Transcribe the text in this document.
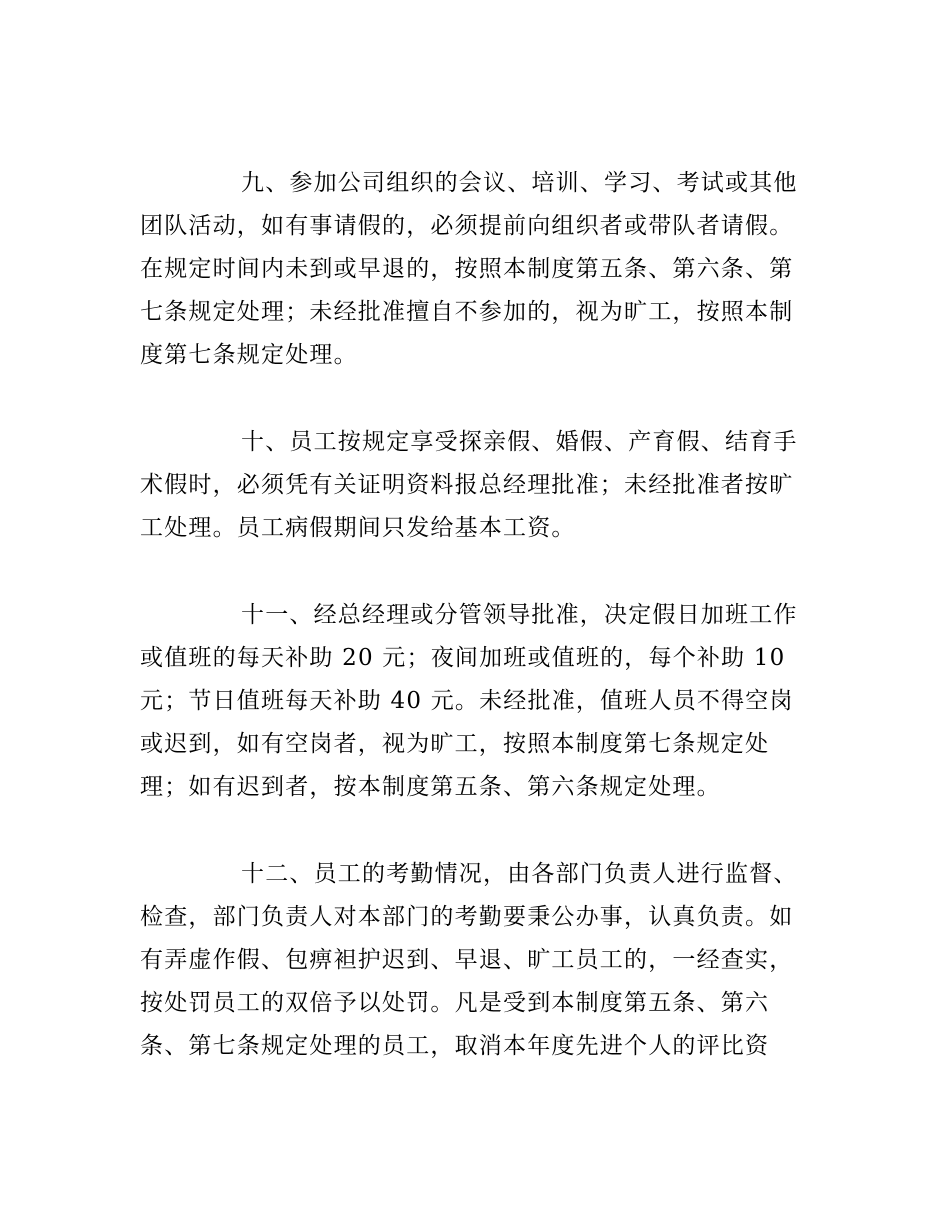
九、参加公司组织的会议、培训、学习、考试或其他
团队活动，如有事请假的，必须提前向组织者或带队者请假。
在规定时间内未到或早退的，按照本制度第五条、第六条、第
七条规定处理；未经批准擅自不参加的，视为旷工，按照本制
度第七条规定处理。
十、员工按规定享受探亲假、婚假、产育假、结育手
术假时，必须凭有关证明资料报总经理批准；未经批准者按旷
工处理。员工病假期间只发给基本工资。
十一、经总经理或分管领导批准，决定假日加班工作
或值班的每天补助 20 元；夜间加班或值班的，每个补助 10
元；节日值班每天补助 40 元。未经批准，值班人员不得空岗
或迟到，如有空岗者，视为旷工，按照本制度第七条规定处
理；如有迟到者，按本制度第五条、第六条规定处理。
十二、员工的考勤情况，由各部门负责人进行监督、
检查，部门负责人对本部门的考勤要秉公办事，认真负责。如
有弄虚作假、包痹袒护迟到、早退、旷工员工的，一经查实，
按处罚员工的双倍予以处罚。凡是受到本制度第五条、第六
条、第七条规定处理的员工，取消本年度先进个人的评比资
